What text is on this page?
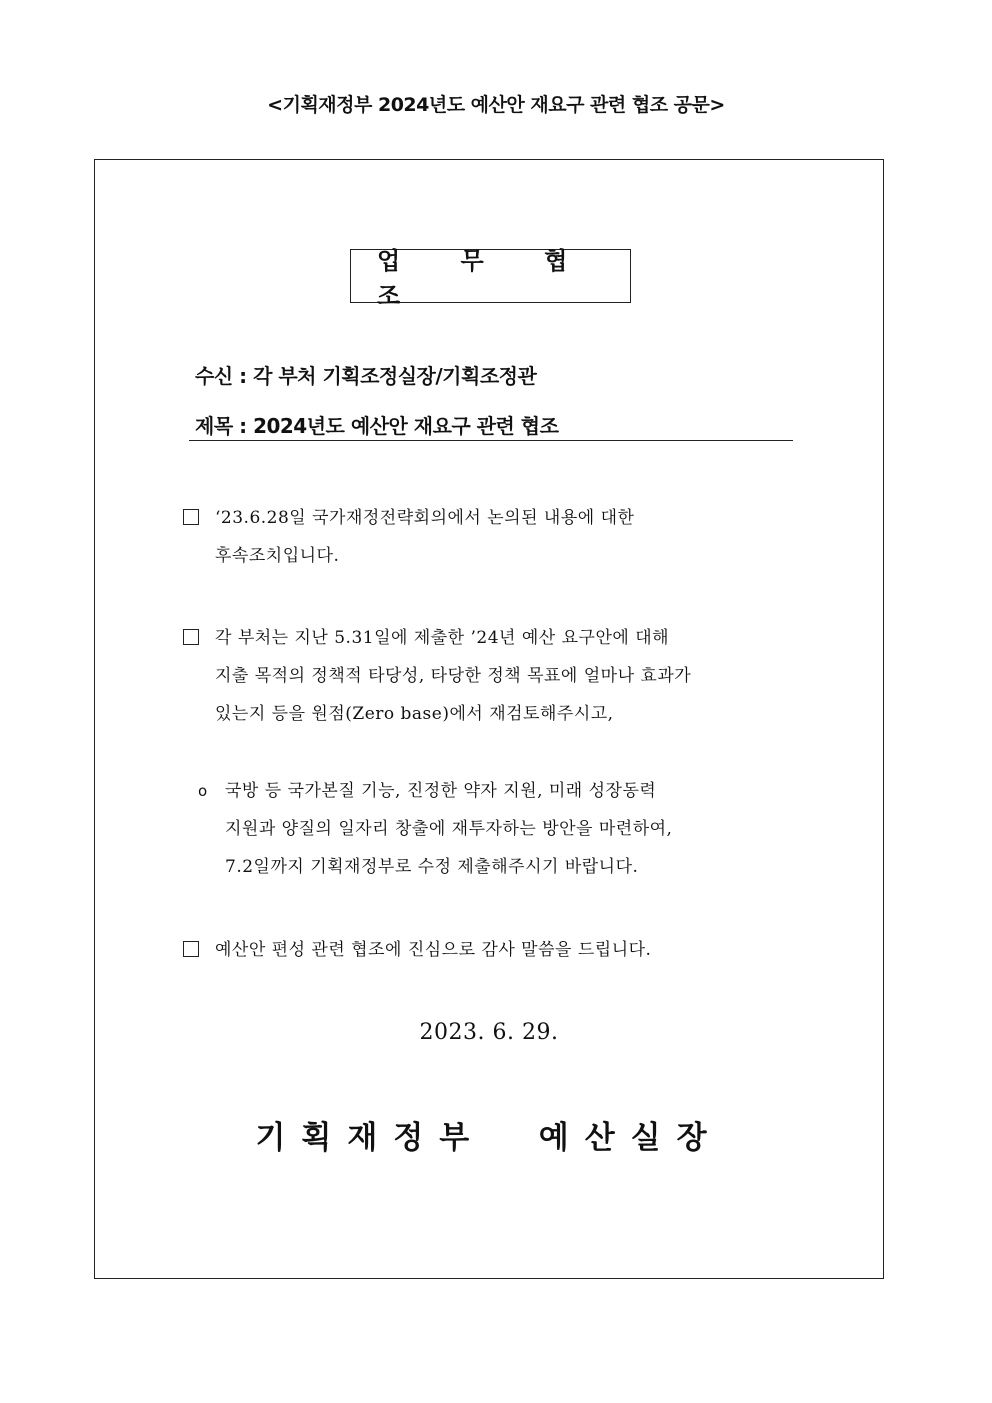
<기획재정부 2024년도 예산안 재요구 관련 협조 공문>
업 무 협 조
수신 : 각 부처 기획조정실장/기획조정관
제목 : 2024년도 예산안 재요구 관련 협조
‘23.6.28일 국가재정전략회의에서 논의된 내용에 대한
후속조치입니다.
각 부처는 지난 5.31일에 제출한 ’24년 예산 요구안에 대해
지출 목적의 정책적 타당성, 타당한 정책 목표에 얼마나 효과가
있는지 등을 원점(Zero base)에서 재검토해주시고,
o 국방 등 국가본질 기능, 진정한 약자 지원, 미래 성장동력
지원과 양질의 일자리 창출에 재투자하는 방안을 마련하여,
7.2일까지 기획재정부로 수정 제출해주시기 바랍니다.
예산안 편성 관련 협조에 진심으로 감사 말씀을 드립니다.
2023. 6. 29.
기획재정부  예산실장
